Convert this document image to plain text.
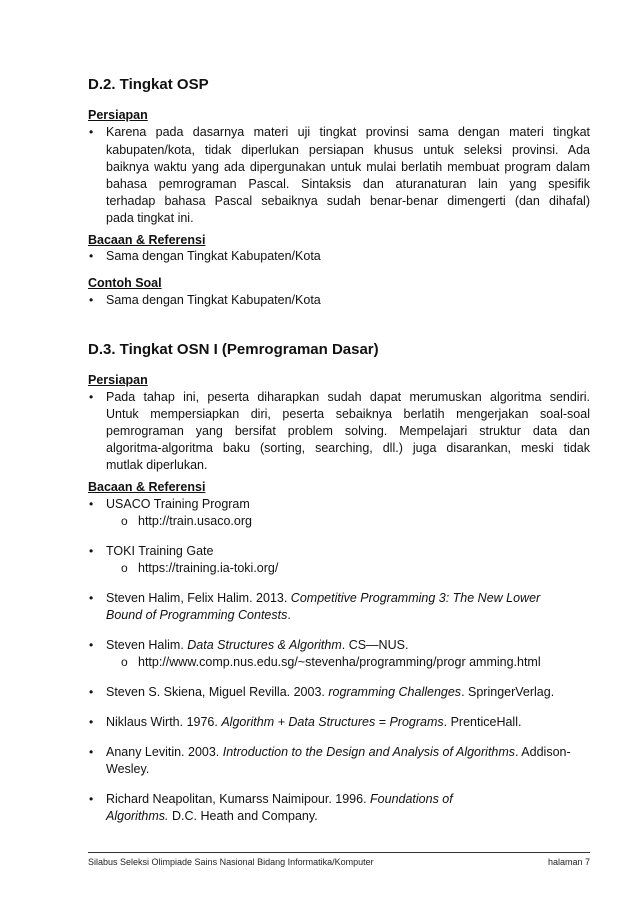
D.2. Tingkat OSP
Persiapan
• Karena pada dasarnya materi uji tingkat provinsi sama dengan materi tingkat
kabupaten/kota, tidak diperlukan persiapan khusus untuk seleksi provinsi. Ada
baiknya waktu yang ada dipergunakan untuk mulai berlatih membuat program dalam
bahasa pemrograman Pascal. Sintaksis dan aturanaturan lain yang spesifik
terhadap bahasa Pascal sebaiknya sudah benar-benar dimengerti (dan dihafal)
pada tingkat ini.
Bacaan & Referensi
• Sama dengan Tingkat Kabupaten/Kota
Contoh Soal
• Sama dengan Tingkat Kabupaten/Kota
D.3. Tingkat OSN I (Pemrograman Dasar)
Persiapan
• Pada tahap ini, peserta diharapkan sudah dapat merumuskan algoritma sendiri.
Untuk mempersiapkan diri, peserta sebaiknya berlatih mengerjakan soal-soal
pemrograman yang bersifat problem solving. Mempelajari struktur data dan
algoritma-algoritma baku (sorting, searching, dll.) juga disarankan, meski tidak
mutlak diperlukan.
Bacaan & Referensi
• USACO Training Program
o http://train.usaco.org
• TOKI Training Gate
o https://training.ia-toki.org/
• Steven Halim, Felix Halim. 2013. Competitive Programming 3: The New Lower
Bound of Programming Contests.
• Steven Halim. Data Structures & Algorithm. CS—NUS.
o http://www.comp.nus.edu.sg/~stevenha/programming/progr amming.html
• Steven S. Skiena, Miguel Revilla. 2003. rogramming Challenges. SpringerVerlag.
• Niklaus Wirth. 1976. Algorithm + Data Structures = Programs. PrenticeHall.
• Anany Levitin. 2003. Introduction to the Design and Analysis of Algorithms. Addison-
Wesley.
• Richard Neapolitan, Kumarss Naimipour. 1996. Foundations of
Algorithms. D.C. Heath and Company.
Silabus Seleksi Olimpiade Sains Nasional Bidang Informatika/Komputer	halaman 7
